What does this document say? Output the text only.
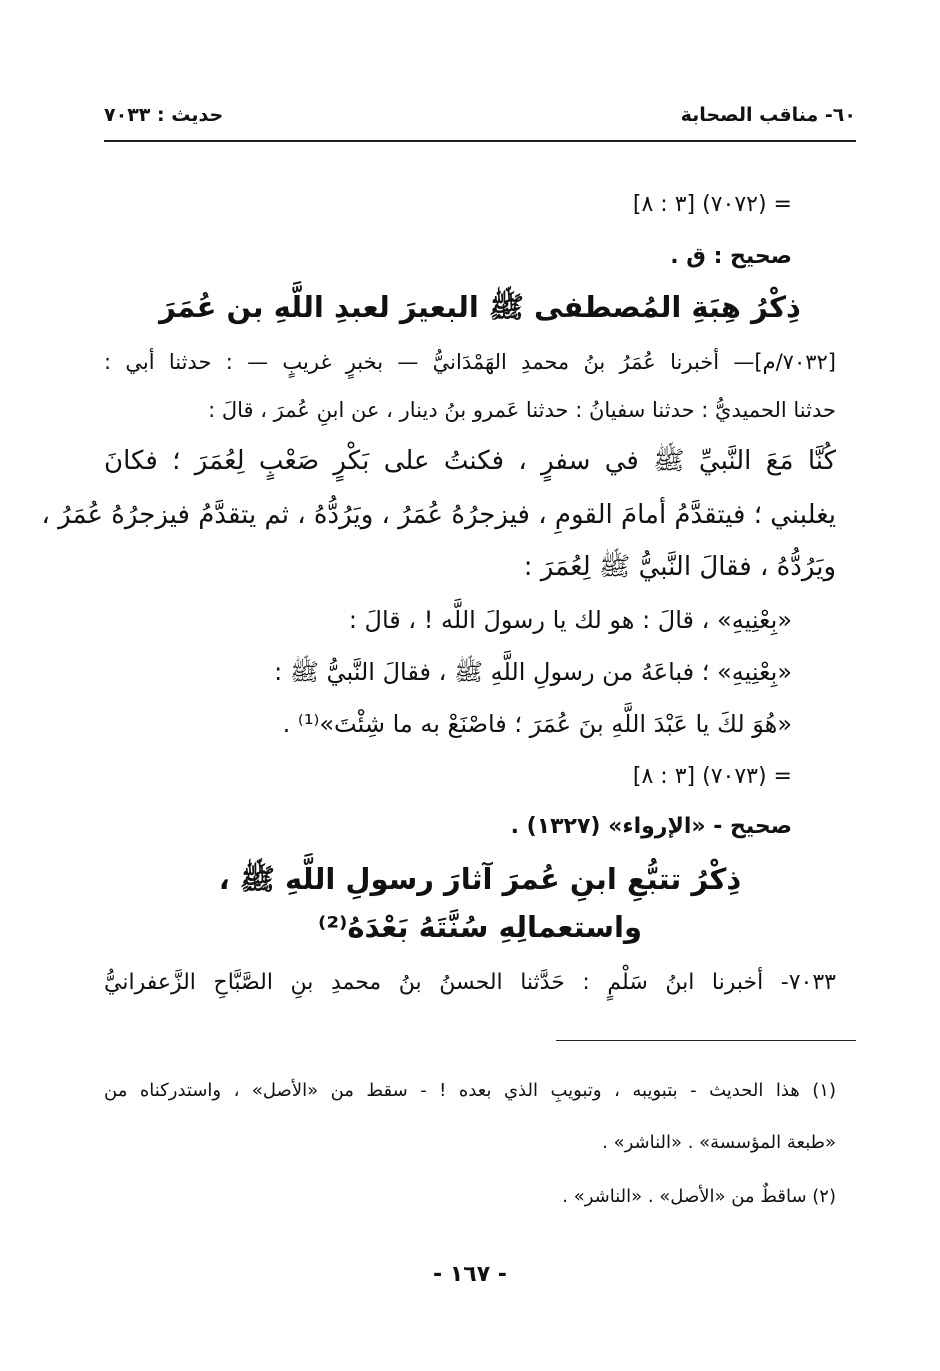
٦٠- مناقب الصحابة
حديث : ٧٠٣٣
= (٧٠٧٢) [٣ : ٨]
صحيح : ق .
ذِكْرُ هِبَةِ المُصطفى ﷺ البعيرَ لعبدِ اللَّهِ بن عُمَرَ
[٧٠٣٢/م]— أخبرنا عُمَرُ بنُ محمدِ الهَمْدَانيُّ — بخبرٍ غريبٍ — : حدثنا أبي :
حدثنا الحميديُّ : حدثنا سفيانُ : حدثنا عَمرو بنُ دينار ، عن ابنِ عُمرَ ، قالَ :
كُنَّا مَعَ النَّبيِّ ﷺ في سفرٍ ، فكنتُ على بَكْرٍ صَعْبٍ لِعُمَرَ ؛ فكانَ
يغلبني ؛ فيتقدَّمُ أمامَ القومِ ، فيزجرُهُ عُمَرُ ، ويَرُدُّهُ ، ثم يتقدَّمُ فيزجرُهُ عُمَرُ ،
ويَرُدُّهُ ، فقالَ النَّبيُّ ﷺ لِعُمَرَ :
«بِعْنِيهِ» ، قالَ : هو لك يا رسولَ اللَّه ! ، قالَ :
«بِعْنِيهِ» ؛ فباعَهُ من رسولِ اللَّهِ ﷺ ، فقالَ النَّبيُّ ﷺ :
«هُوَ لكَ يا عَبْدَ اللَّهِ بنَ عُمَرَ ؛ فاصْنَعْ به ما شِئْتَ»⁽¹⁾ .
= (٧٠٧٣) [٣ : ٨]
صحيح - «الإرواء» (١٣٢٧) .
ذِكْرُ تتبُّعِ ابنِ عُمرَ آثارَ رسولِ اللَّهِ ﷺ ،
واستعمالِهِ سُنَّتَهُ بَعْدَهُ⁽²⁾
٧٠٣٣- أخبرنا ابنُ سَلْمٍ : حَدَّثنا الحسنُ بنُ محمدِ بنِ الصَّبَّاحِ الزَّعفرانيُّ
(١) هذا الحديث - بتبويبه ، وتبويبِ الذي بعده ! - سقط من «الأصل» ، واستدركناه من
«طبعة المؤسسة» . «الناشر» .
(٢) ساقطٌ من «الأصل» . «الناشر» .
- ١٦٧ -
